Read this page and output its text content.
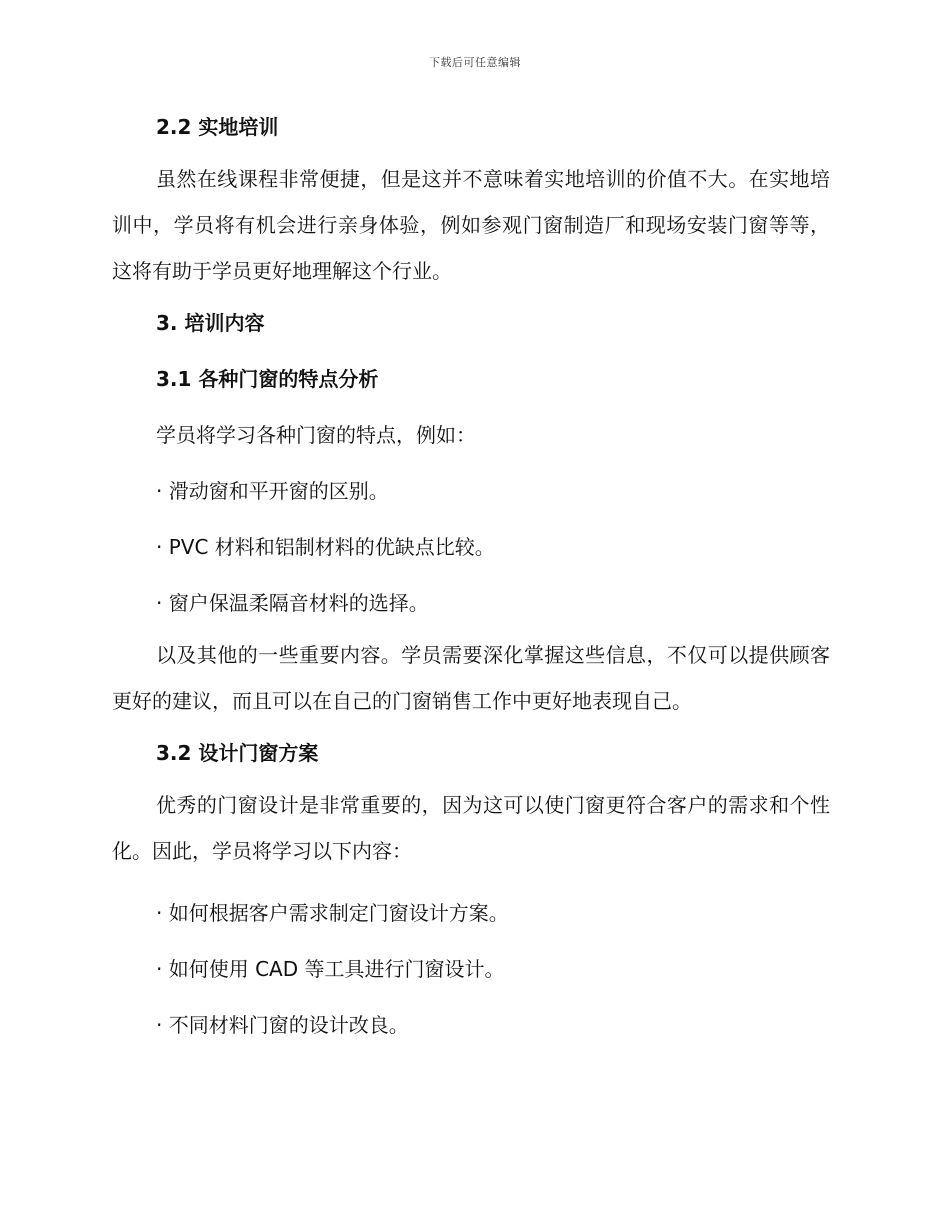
下载后可任意编辑
2.2 实地培训

虽然在线课程非常便捷，但是这并不意味着实地培训的价值不大。在实地培训中，学员将有机会进行亲身体验，例如参观门窗制造厂和现场安装门窗等等，这将有助于学员更好地理解这个行业。

3. 培训内容
3.1 各种门窗的特点分析

学员将学习各种门窗的特点，例如：

· 滑动窗和平开窗的区别。

· PVC 材料和铝制材料的优缺点比较。

· 窗户保温柔隔音材料的选择。

以及其他的一些重要内容。学员需要深化掌握这些信息，不仅可以提供顾客更好的建议，而且可以在自己的门窗销售工作中更好地表现自己。

3.2 设计门窗方案

优秀的门窗设计是非常重要的，因为这可以使门窗更符合客户的需求和个性化。因此，学员将学习以下内容：

· 如何根据客户需求制定门窗设计方案。

· 如何使用 CAD 等工具进行门窗设计。

· 不同材料门窗的设计改良。
